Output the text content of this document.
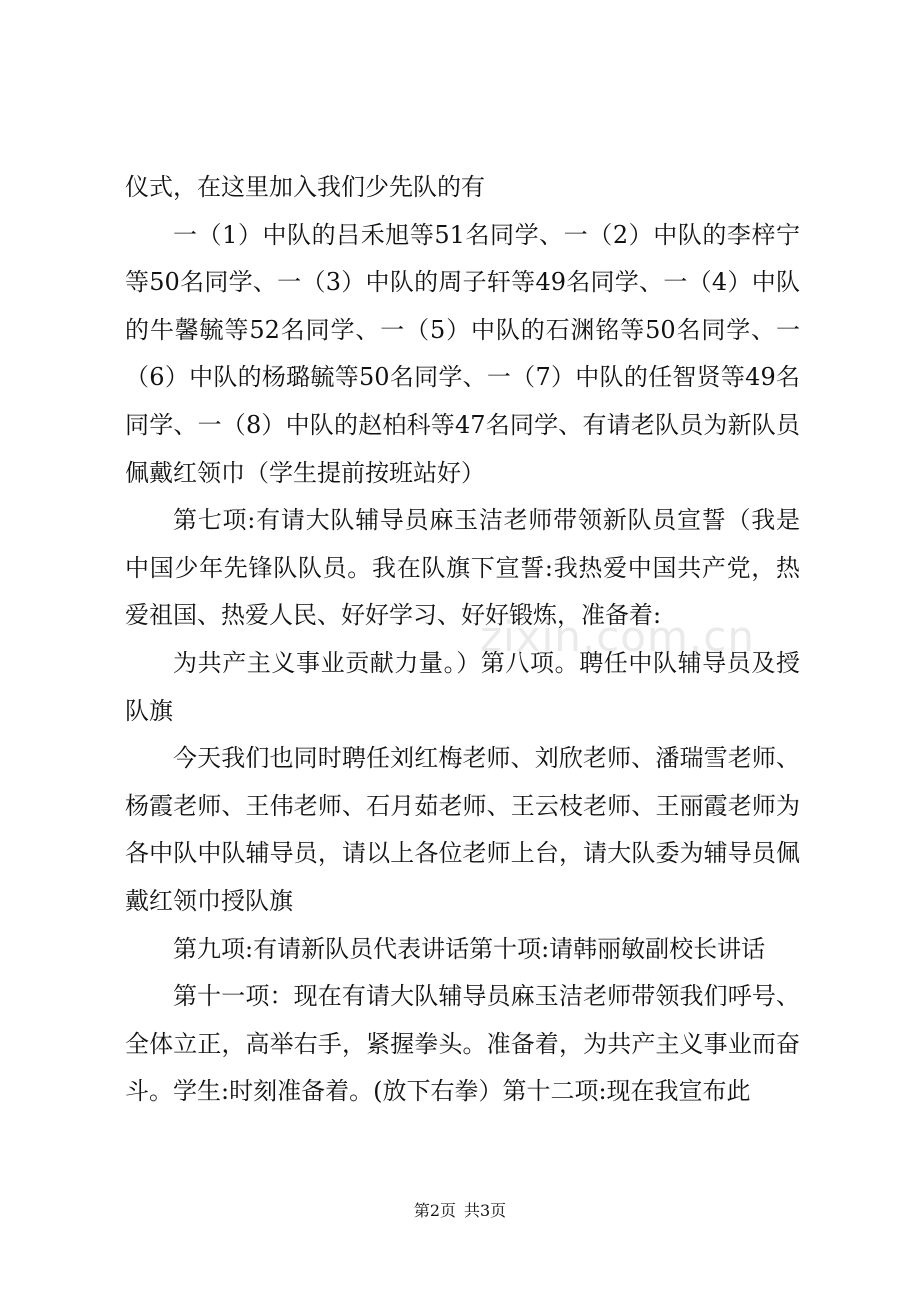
仪式，在这里加入我们少先队的有

一（1）中队的吕禾旭等51名同学、一（2）中队的李梓宁等50名同学、一（3）中队的周子轩等49名同学、一（4）中队的牛馨毓等52名同学、一（5）中队的石渊铭等50名同学、一（6）中队的杨璐毓等50名同学、一（7）中队的任智贤等49名同学、一（8）中队的赵柏科等47名同学、有请老队员为新队员佩戴红领巾（学生提前按班站好）

第七项:有请大队辅导员麻玉洁老师带领新队员宣誓（我是中国少年先锋队队员。我在队旗下宣誓:我热爱中国共产党，热爱祖国、热爱人民、好好学习、好好锻炼，准备着:

为共产主义事业贡献力量。）第八项。聘任中队辅导员及授队旗

今天我们也同时聘任刘红梅老师、刘欣老师、潘瑞雪老师、杨霞老师、王伟老师、石月茹老师、王云枝老师、王丽霞老师为各中队中队辅导员，请以上各位老师上台，请大队委为辅导员佩戴红领巾授队旗

第九项:有请新队员代表讲话第十项:请韩丽敏副校长讲话

第十一项：现在有请大队辅导员麻玉洁老师带领我们呼号、全体立正，高举右手，紧握拳头。准备着，为共产主义事业而奋斗。学生:时刻准备着。(放下右拳）第十二项:现在我宣布此

zixin.com.cn
第2页 共3页
